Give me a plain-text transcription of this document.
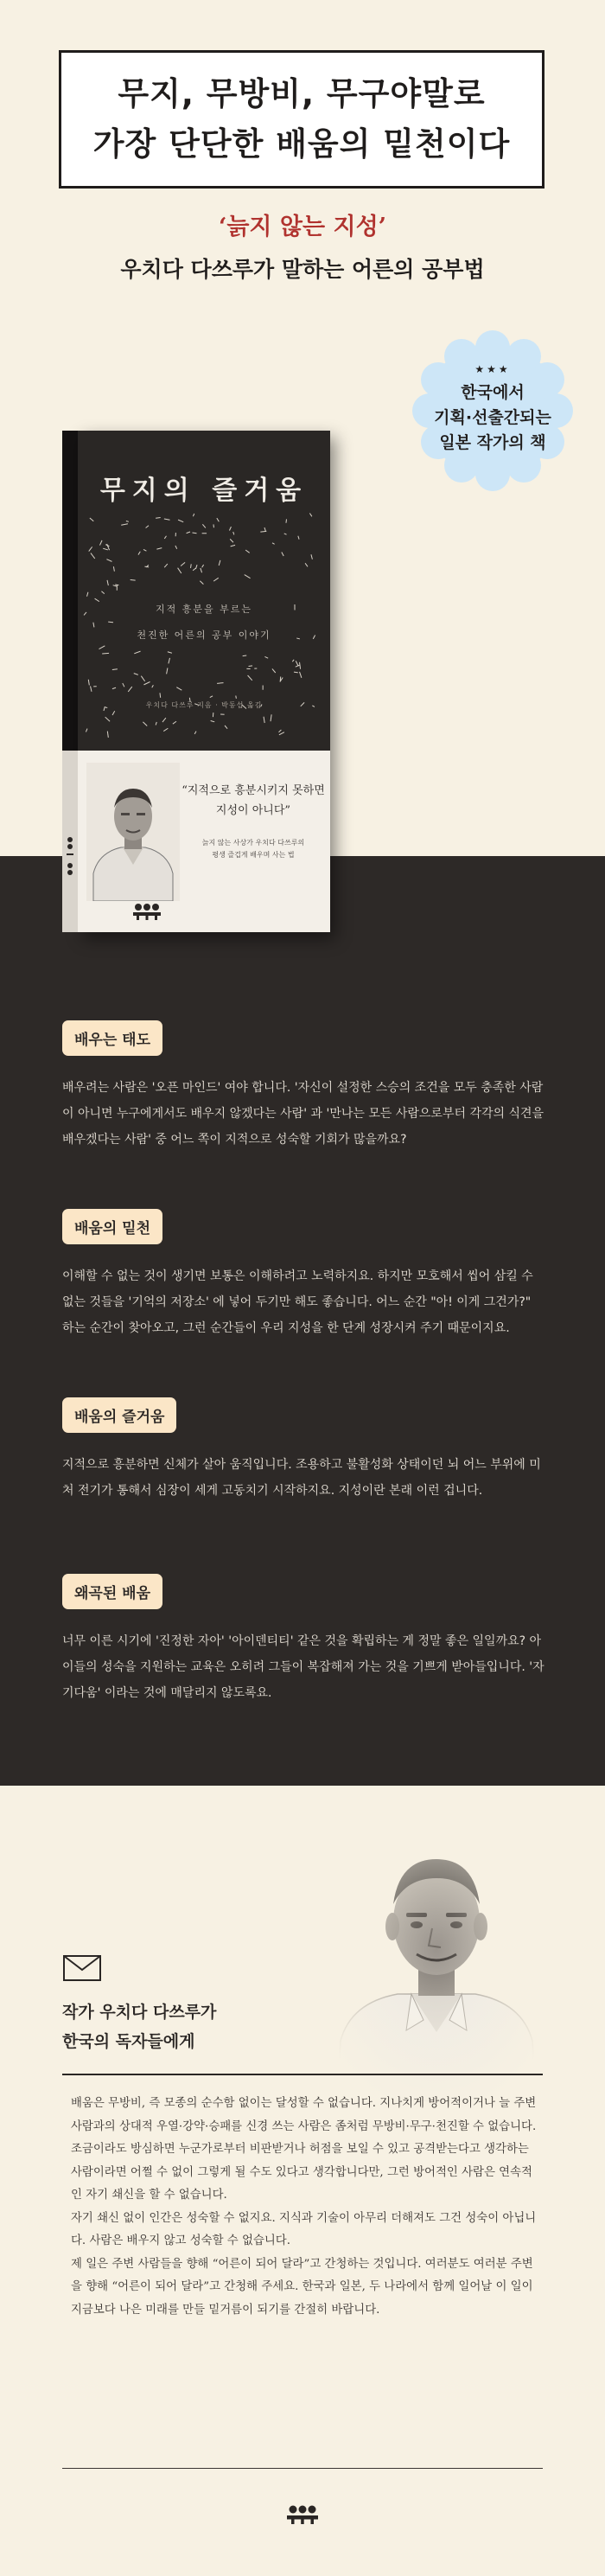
무지, 무방비, 무구야말로
가장 단단한 배움의 밑천이다
‘늙지 않는 지성’
우치다 다쓰루가 말하는 어른의 공부법
★★★
한국에서
기획·선출간되는
일본 작가의 책
무지의 즐거움
지적 흥분을 부르는
천진한 어른의 공부 이야기
우치다 다쓰루 지음 · 박동섭 옮김
“지적으로 흥분시키지 못하면
지성이 아니다”
늙지 않는 사상가 우치다 다쓰루의
평생 즐겁게 배우며 사는 법
배우는 태도
배우려는 사람은 '오픈 마인드' 여야 합니다. '자신이 설정한 스승의 조건을 모두 충족한 사람이 아니면 누구에게서도 배우지 않겠다는 사람' 과 '만나는 모든 사람으로부터 각각의 식견을 배우겠다는 사람' 중 어느 쪽이 지적으로 성숙할 기회가 많을까요?
배움의 밑천
이해할 수 없는 것이 생기면 보통은 이해하려고 노력하지요. 하지만 모호해서 씹어 삼킬 수 없는 것들을 '기억의 저장소' 에 넣어 두기만 해도 좋습니다. 어느 순간 "아! 이게 그건가?" 하는 순간이 찾아오고, 그런 순간들이 우리 지성을 한 단계 성장시켜 주기 때문이지요.
배움의 즐거움
지적으로 흥분하면 신체가 살아 움직입니다. 조용하고 불활성화 상태이던 뇌 어느 부위에 미처 전기가 통해서 심장이 세게 고동치기 시작하지요. 지성이란 본래 이런 겁니다.
왜곡된 배움
너무 이른 시기에 '진정한 자아' '아이덴티티' 같은 것을 확립하는 게 정말 좋은 일일까요? 아이들의 성숙을 지원하는 교육은 오히려 그들이 복잡해져 가는 것을 기쁘게 받아들입니다. '자기다움' 이라는 것에 매달리지 않도록요.
작가 우치다 다쓰루가
한국의 독자들에게

배움은 무방비, 즉 모종의 순수함 없이는 달성할 수 없습니다. 지나치게 방어적이거나 늘 주변 사람과의 상대적 우열·강약·승패를 신경 쓰는 사람은 좀처럼 무방비·무구·천진할 수 없습니다. 조금이라도 방심하면 누군가로부터 비판받거나 허점을 보일 수 있고 공격받는다고 생각하는 사람이라면 어쩔 수 없이 그렇게 될 수도 있다고 생각합니다만, 그런 방어적인 사람은 연속적인 자기 쇄신을 할 수 없습니다.

자기 쇄신 없이 인간은 성숙할 수 없지요. 지식과 기술이 아무리 더해져도 그건 성숙이 아닙니다. 사람은 배우지 않고 성숙할 수 없습니다.

제 일은 주변 사람들을 향해 “어른이 되어 달라”고 간청하는 것입니다. 여러분도 여러분 주변을 향해 “어른이 되어 달라”고 간청해 주세요. 한국과 일본, 두 나라에서 함께 일어날 이 일이 지금보다 나은 미래를 만들 밑거름이 되기를 간절히 바랍니다.
